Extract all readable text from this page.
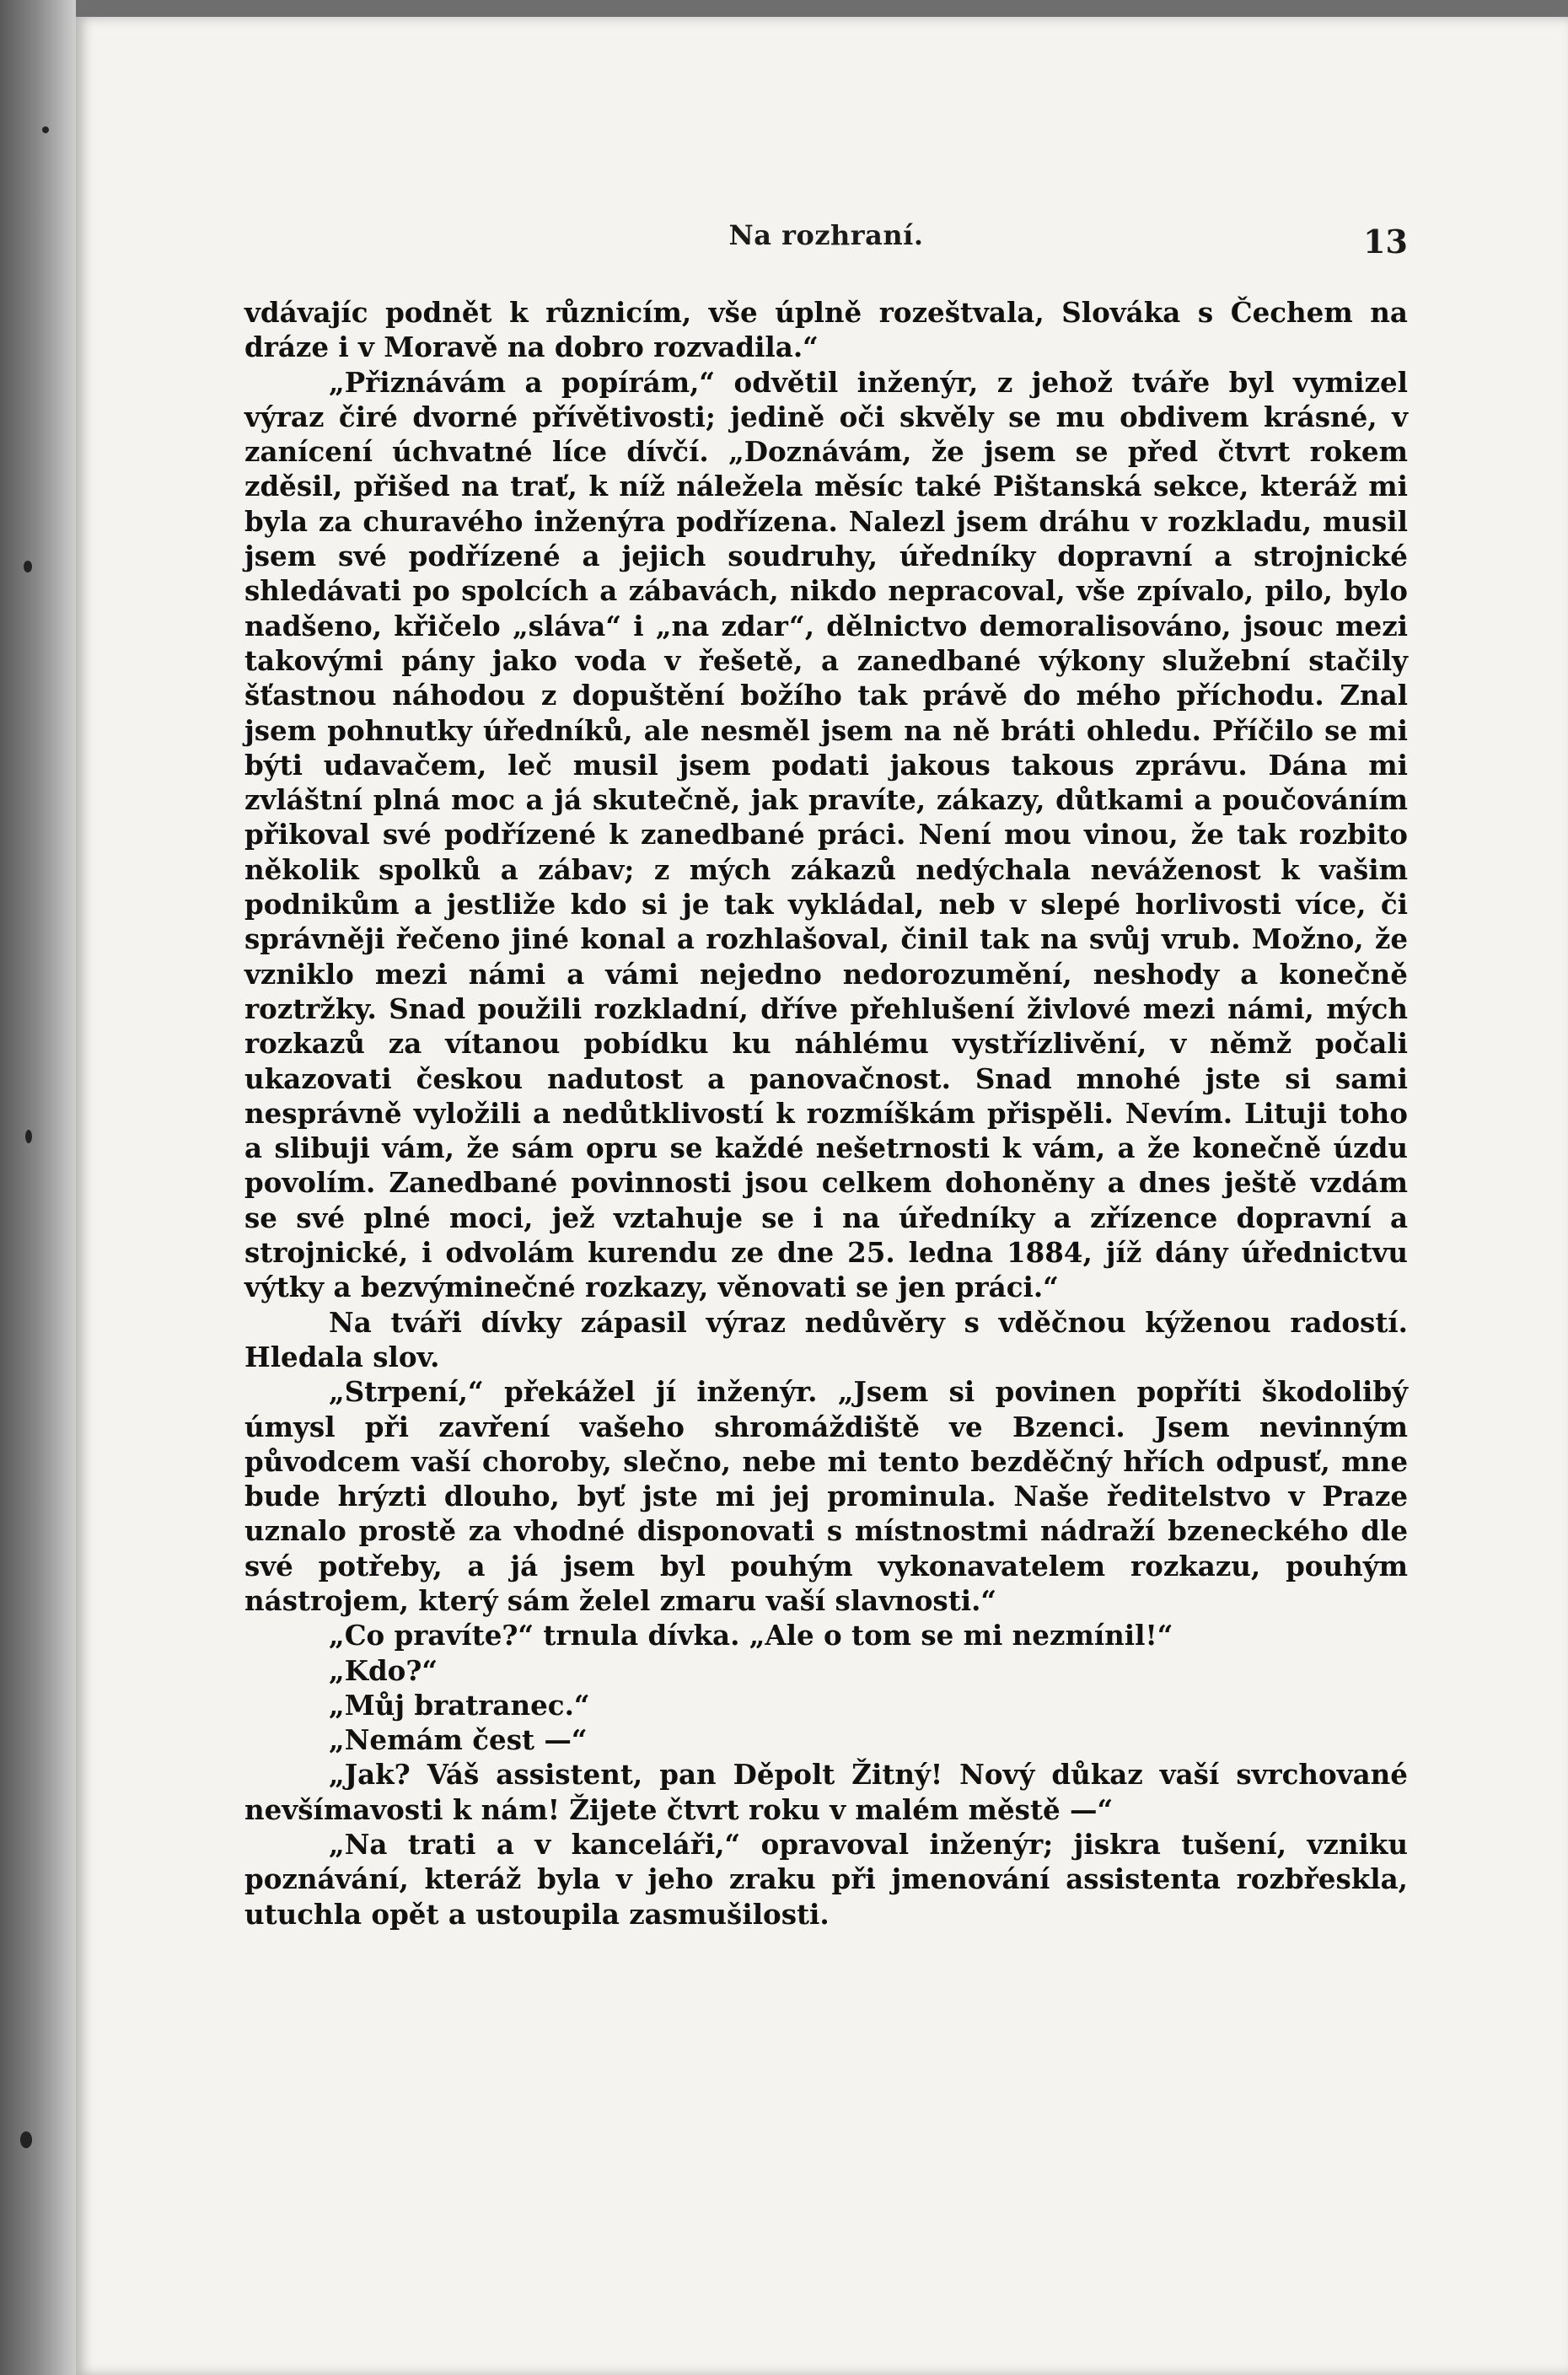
Na rozhraní.	13

vdávajíc podnět k různicím, vše úplně rozeštvala, Slováka s Čechem na dráze i v Moravě na dobro rozvadila.“

„Přiznávám a popírám,“ odvětil inženýr, z jehož tváře byl vymizel výraz čiré dvorné přívětivosti; jedině oči skvěly se mu obdivem krásné, v zanícení úchvatné líce dívčí. „Doznávám, že jsem se před čtvrt rokem zděsil, přišed na trať, k níž náležela měsíc také Pištanská sekce, kteráž mi byla za churavého inženýra podřízena. Nalezl jsem dráhu v rozkladu, musil jsem své podřízené a jejich soudruhy, úředníky dopravní a strojnické shledávati po spolcích a zábavách, nikdo nepracoval, vše zpívalo, pilo, bylo nadšeno, křičelo „sláva“ i „na zdar“, dělnictvo demoralisováno, jsouc mezi takovými pány jako voda v řešetě, a zanedbané výkony služební stačily šťastnou náhodou z dopuštění božího tak právě do mého příchodu. Znal jsem pohnutky úředníků, ale nesměl jsem na ně bráti ohledu. Příčilo se mi býti udavačem, leč musil jsem podati jakous takous zprávu. Dána mi zvláštní plná moc a já skutečně, jak pravíte, zákazy, důtkami a poučováním přikoval své podřízené k zanedbané práci. Není mou vinou, že tak rozbito několik spolků a zábav; z mých zákazů nedýchala neváženost k vašim podnikům a jestliže kdo si je tak vykládal, neb v slepé horlivosti více, či správněji řečeno jiné konal a rozhlašoval, činil tak na svůj vrub. Možno, že vzniklo mezi námi a vámi nejedno nedorozumění, neshody a konečně roztržky. Snad použili rozkladní, dříve přehlušení živlové mezi námi, mých rozkazů za vítanou pobídku ku náhlému vystřízlivění, v němž počali ukazovati českou nadutost a panovačnost. Snad mnohé jste si sami nesprávně vyložili a nedůtklivostí k rozmíškám přispěli. Nevím. Lituji toho a slibuji vám, že sám opru se každé nešetrnosti k vám, a že konečně úzdu povolím. Zanedbané povinnosti jsou celkem dohoněny a dnes ještě vzdám se své plné moci, jež vztahuje se i na úředníky a zřízence dopravní a strojnické, i odvolám kurendu ze dne 25. ledna 1884, jíž dány úřednictvu výtky a bezvýminečné rozkazy, věnovati se jen práci.“

Na tváři dívky zápasil výraz nedůvěry s vděčnou kýženou radostí. Hledala slov.

„Strpení,“ překážel jí inženýr. „Jsem si povinen popříti škodolibý úmysl při zavření vašeho shromáždiště ve Bzenci. Jsem nevinným původcem vaší choroby, slečno, nebe mi tento bezděčný hřích odpusť, mne bude hrýzti dlouho, byť jste mi jej prominula. Naše ředitelstvo v Praze uznalo prostě za vhodné disponovati s místnostmi nádraží bzeneckého dle své potřeby, a já jsem byl pouhým vykonavatelem rozkazu, pouhým nástrojem, který sám želel zmaru vaší slavnosti.“

„Co pravíte?“ trnula dívka. „Ale o tom se mi nezmínil!“

„Kdo?“

„Můj bratranec.“

„Nemám čest —“

„Jak? Váš assistent, pan Děpolt Žitný! Nový důkaz vaší svrchované nevšímavosti k nám! Žijete čtvrt roku v malém městě —“

„Na trati a v kanceláři,“ opravoval inženýr; jiskra tušení, vzniku poznávání, kteráž byla v jeho zraku při jmenování assistenta rozbřeskla, utuchla opět a ustoupila zasmušilosti.
